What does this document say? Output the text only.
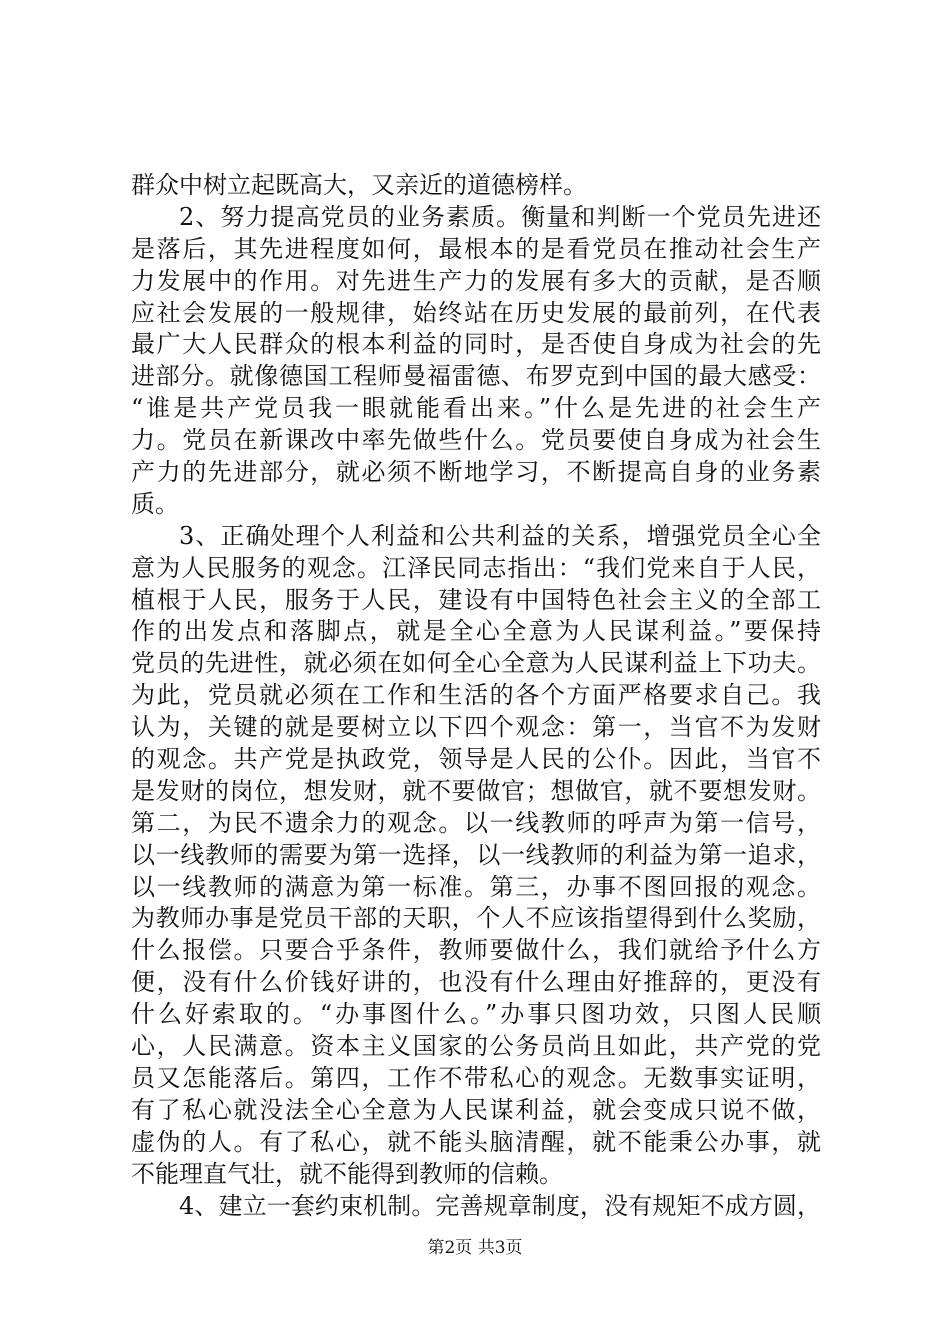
群众中树立起既高大，又亲近的道德榜样。
2、努力提高党员的业务素质。衡量和判断一个党员先进还
是落后，其先进程度如何，最根本的是看党员在推动社会生产
力发展中的作用。对先进生产力的发展有多大的贡献，是否顺
应社会发展的一般规律，始终站在历史发展的最前列，在代表
最广大人民群众的根本利益的同时，是否使自身成为社会的先
进部分。就像德国工程师曼福雷德、布罗克到中国的最大感受：
“谁是共产党员我一眼就能看出来。”什么是先进的社会生产
力。党员在新课改中率先做些什么。党员要使自身成为社会生
产力的先进部分，就必须不断地学习，不断提高自身的业务素
质。
3、正确处理个人利益和公共利益的关系，增强党员全心全
意为人民服务的观念。江泽民同志指出：“我们党来自于人民，
植根于人民，服务于人民，建设有中国特色社会主义的全部工
作的出发点和落脚点，就是全心全意为人民谋利益。”要保持
党员的先进性，就必须在如何全心全意为人民谋利益上下功夫。
为此，党员就必须在工作和生活的各个方面严格要求自己。我
认为，关键的就是要树立以下四个观念：第一，当官不为发财
的观念。共产党是执政党，领导是人民的公仆。因此，当官不
是发财的岗位，想发财，就不要做官；想做官，就不要想发财。
第二，为民不遗余力的观念。以一线教师的呼声为第一信号，
以一线教师的需要为第一选择，以一线教师的利益为第一追求，
以一线教师的满意为第一标准。第三，办事不图回报的观念。
为教师办事是党员干部的天职，个人不应该指望得到什么奖励，
什么报偿。只要合乎条件，教师要做什么，我们就给予什么方
便，没有什么价钱好讲的，也没有什么理由好推辞的，更没有
什么好索取的。“办事图什么。”办事只图功效，只图人民顺
心，人民满意。资本主义国家的公务员尚且如此，共产党的党
员又怎能落后。第四，工作不带私心的观念。无数事实证明，
有了私心就没法全心全意为人民谋利益，就会变成只说不做，
虚伪的人。有了私心，就不能头脑清醒，就不能秉公办事，就
不能理直气壮，就不能得到教师的信赖。
4、建立一套约束机制。完善规章制度，没有规矩不成方圆，
第2页 共3页
